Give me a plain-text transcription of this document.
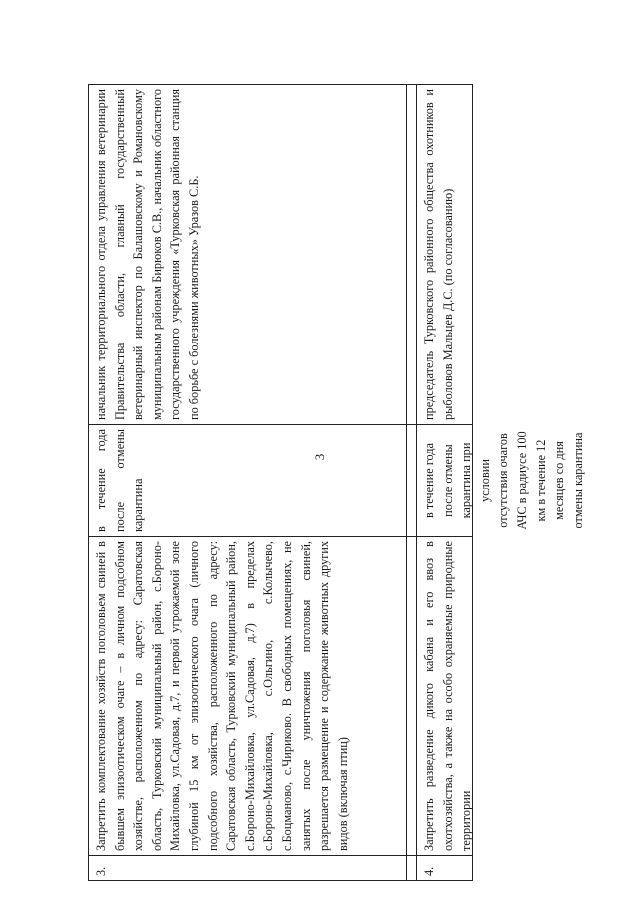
3
3.
Запретить комплектование хозяйств поголовьем свиней в бывшем эпизоотическом очаге – в личном подсобном хозяйстве, расположенном по адресу: Саратовская область, Турковский муниципальный район, с.Бороно-Михайловка, ул.Садовая, д.7, и первой угрожаемой зоне глубиной 15 км от эпизоотического очага (личного подсобного хозяйства, расположенного по адресу: Саратовская область, Турковский муниципальный район, с.Бороно-Михайловка, ул.Садовая, д.7) в пределах с.Бороно-Михайловка, с.Ольгино, с.Колычево, с.Боцманово, с.Чириково. В свободных помещениях, не занятых после уничтожения поголовья свиней, разрешается размещение и содержание животных других видов (включая птиц)
в течение года после отмены карантина
начальник территориального отдела управления ветеринарии Правительства области, главный государственный ветеринарный инспектор по Балашовскому и Романовскому муниципальным районам Бирюков С.В., начальник областного государственного учреждения «Турковская районная станция по борьбе с болезнями животных» Уразов С.Б.
4.
Запретить разведение дикого кабана и его ввоз в охотхозяйства, а также на особо охраняемые природные территории
в течение года после отмены карантина при условии отсутствия очагов АЧС в радиусе 100 км в течение 12 месяцев со дня отмены карантина
председатель Турковского районного общества охотников и рыболовов Мальцев Д.С. (по согласованию)
